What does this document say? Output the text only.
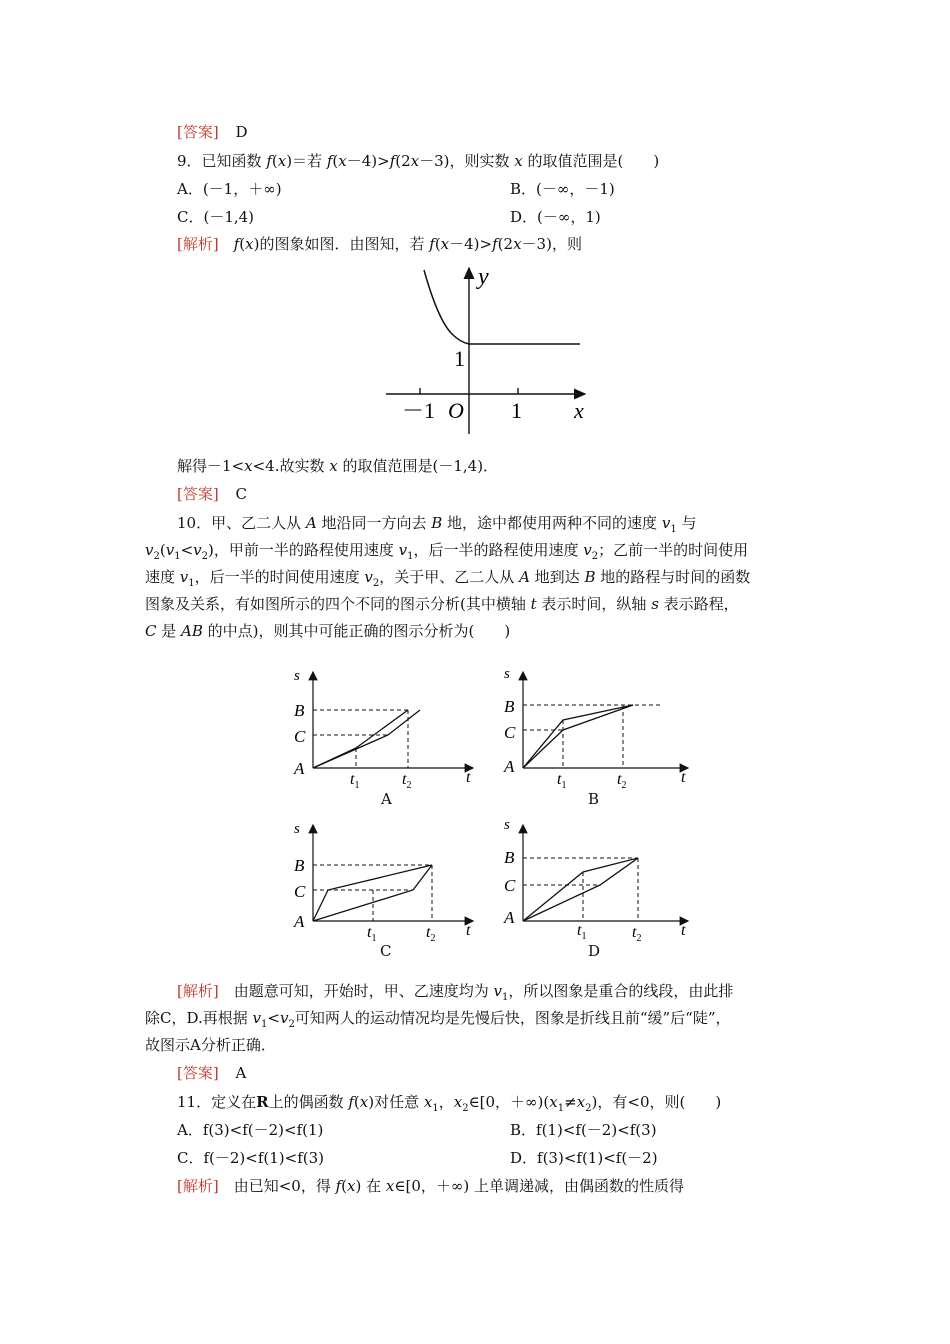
[答案] D
9．已知函数 f(x)＝若 f(x－4)>f(2x－3)，则实数 x 的取值范围是(　　)
A．(－1，＋∞)	B．(－∞，－1)
C．(－1,4)	D．(－∞，1)
[解析]　 f(x)的图象如图．由图知，若 f(x－4)>f(2x－3)，则
y
1
－1 O 1 x
解得－1<x<4.故实数 x 的取值范围是(－1,4)．
[答案] C
10．甲、乙二人从 A 地沿同一方向去 B 地，途中都使用两种不同的速度 $v_1$ 与
$v_2(v_1<v_2)$，甲前一半的路程使用速度 $v_1$，后一半的路程使用速度 $v_2$；乙前一半的时间使用
速度 $v_1$，后一半的时间使用速度 $v_2$，关于甲、乙二人从 A 地到达 B 地的路程与时间的函数
图象及关系，有如图所示的四个不同的图示分析(其中横轴 t 表示时间，纵轴 s 表示路程，
C 是 AB 的中点)，则其中可能正确的图示分析为(　　)
s
B
C
A
$t_1$	$t_2$	t
A
s
B
C
A
$t_1$	$t_2$	t
B
s
B
C
A
$t_1$	$t_2$ t
C
s
B
C
A
$t_1$	$t_2$ t
D
[解析]　由题意可知，开始时，甲、乙速度均为 $v_1$，所以图象是重合的线段，由此排
除C，D.再根据 $v_1<v_2$可知两人的运动情况均是先慢后快，图象是折线且前“缓”后“陡”，
故图示A分析正确．
[答案] A
11．定义在R上的偶函数 f(x)对任意 $x_1$，$x_2\in[0$，$+\infty)(x_1\ne x_2)$，有<0，则(　　)
A．f(3)<f(－2)<f(1)	B．f(1)<f(－2)<f(3)
C．f(－2)<f(1)<f(3)	D．f(3)<f(1)<f(－2)
[解析]　由已知<0，得 f(x) 在 x∈[0，＋∞) 上单调递减，由偶函数的性质得
